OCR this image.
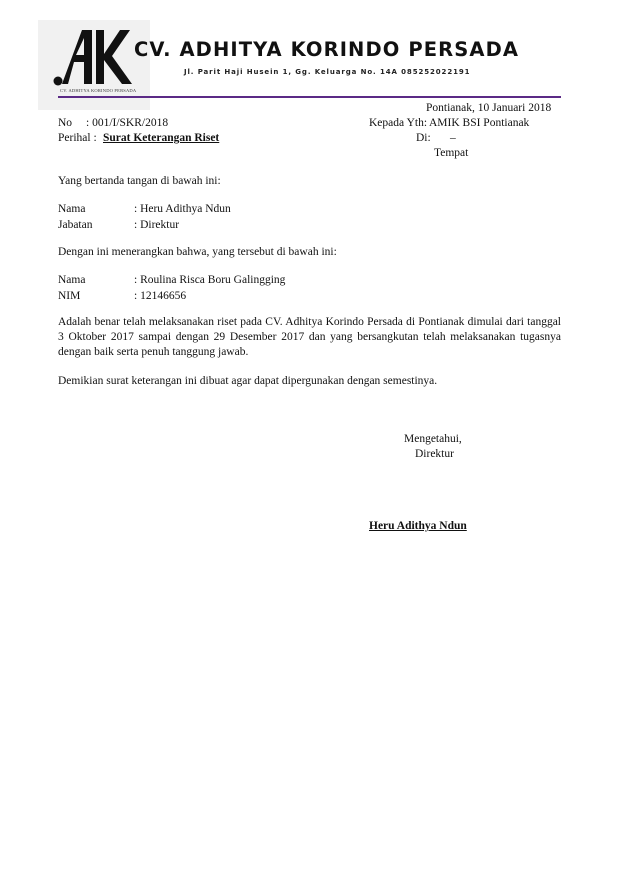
CV. ADHITYA KORINDO PERSADA
CV. ADHITYA KORINDO PERSADA
Jl. Parit Haji Husein 1, Gg. Keluarga No. 14A 085252022191
Pontianak, 10 Januari 2018
No : 001/I/SKR/2018
Perihal : Surat Keterangan Riset
Kepada Yth: AMIK BSI Pontianak
Di: –
Tempat
Yang bertanda tangan di bawah ini:
Nama	: Heru Adithya Ndun
Jabatan	: Direktur
Dengan ini menerangkan bahwa, yang tersebut di bawah ini:
Nama	: Roulina Risca Boru Galingging
NIM	: 12146656
Adalah benar telah melaksanakan riset pada CV. Adhitya Korindo Persada di Pontianak dimulai dari tanggal 3 Oktober 2017 sampai dengan 29 Desember 2017 dan yang bersangkutan telah melaksanakan tugasnya dengan baik serta penuh tanggung jawab.
Demikian surat keterangan ini dibuat agar dapat dipergunakan dengan semestinya.
Mengetahui,
Direktur
Heru Adithya Ndun
